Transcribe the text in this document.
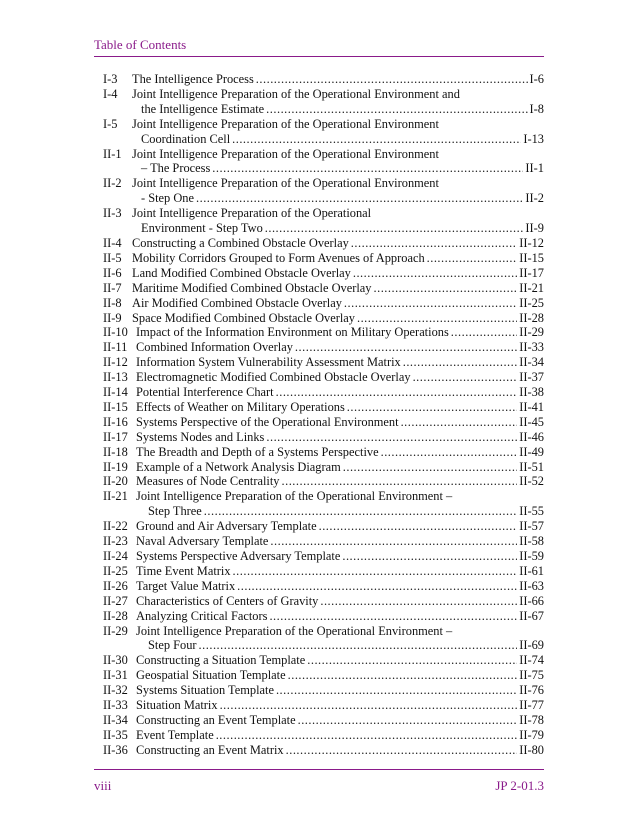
Table of Contents
I-3	The Intelligence Process .....	I-6
I-4	Joint Intelligence Preparation of the Operational Environment and
the Intelligence Estimate .....	I-8
I-5	Joint Intelligence Preparation of the Operational Environment
Coordination Cell .....	I-13
II-1 Joint Intelligence Preparation of the Operational Environment
– The Process .....	II-1
II-2 Joint Intelligence Preparation of the Operational Environment
- Step One .....	II-2
II-3 Joint Intelligence Preparation of the Operational
Environment - Step Two .....	II-9
II-4 Constructing a Combined Obstacle Overlay .....	II-12
II-5 Mobility Corridors Grouped to Form Avenues of Approach .....	II-15
II-6 Land Modified Combined Obstacle Overlay .....	II-17
II-7 Maritime Modified Combined Obstacle Overlay .....	II-21
II-8 Air Modified Combined Obstacle Overlay .....	II-25
II-9 Space Modified Combined Obstacle Overlay .....	II-28
II-10 Impact of the Information Environment on Military Operations .....	II-29
II-11 Combined Information Overlay .....	II-33
II-12 Information System Vulnerability Assessment Matrix .....	II-34
II-13 Electromagnetic Modified Combined Obstacle Overlay .....	II-37
II-14 Potential Interference Chart .....	II-38
II-15 Effects of Weather on Military Operations .....	II-41
II-16 Systems Perspective of the Operational Environment .....	II-45
II-17 Systems Nodes and Links .....	II-46
II-18 The Breadth and Depth of a Systems Perspective .....	II-49
II-19 Example of a Network Analysis Diagram .....	II-51
II-20 Measures of Node Centrality .....	II-52
II-21 Joint Intelligence Preparation of the Operational Environment –
Step Three .....	II-55
II-22 Ground and Air Adversary Template .....	II-57
II-23 Naval Adversary Template .....	II-58
II-24 Systems Perspective Adversary Template .....	II-59
II-25 Time Event Matrix .....	II-61
II-26 Target Value Matrix .....	II-63
II-27 Characteristics of Centers of Gravity .....	II-66
II-28 Analyzing Critical Factors .....	II-67
II-29 Joint Intelligence Preparation of the Operational Environment –
Step Four .....	II-69
II-30 Constructing a Situation Template .....	II-74
II-31 Geospatial Situation Template .....	II-75
II-32 Systems Situation Template .....	II-76
II-33 Situation Matrix .....	II-77
II-34 Constructing an Event Template .....	II-78
II-35 Event Template .....	II-79
II-36 Constructing an Event Matrix .....	II-80
viii	JP 2-01.3
